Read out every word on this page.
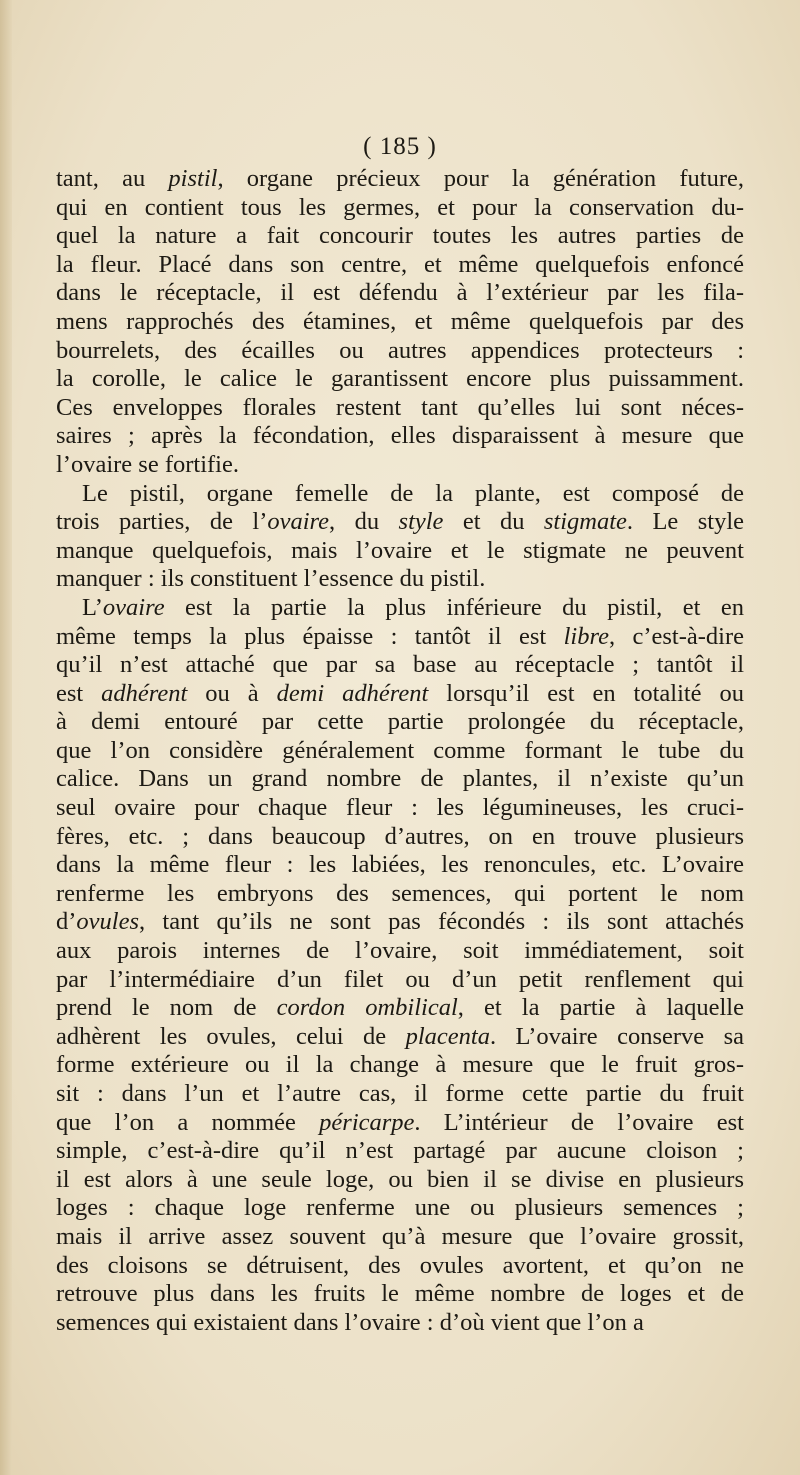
( 185 )
tant, au pistil, organe précieux pour la génération future,
qui en contient tous les germes, et pour la conservation du-
quel la nature a fait concourir toutes les autres parties de
la fleur. Placé dans son centre, et même quelquefois enfoncé
dans le réceptacle, il est défendu à l’extérieur par les fila-
mens rapprochés des étamines, et même quelquefois par des
bourrelets, des écailles ou autres appendices protecteurs :
la corolle, le calice le garantissent encore plus puissamment.
Ces enveloppes florales restent tant qu’elles lui sont néces-
saires ; après la fécondation, elles disparaissent à mesure que
l’ovaire se fortifie.
Le pistil, organe femelle de la plante, est composé de
trois parties, de l’ovaire, du style et du stigmate. Le style
manque quelquefois, mais l’ovaire et le stigmate ne peuvent
manquer : ils constituent l’essence du pistil.
L’ovaire est la partie la plus inférieure du pistil, et en
même temps la plus épaisse : tantôt il est libre, c’est-à-dire
qu’il n’est attaché que par sa base au réceptacle ; tantôt il
est adhérent ou à demi adhérent lorsqu’il est en totalité ou
à demi entouré par cette partie prolongée du réceptacle,
que l’on considère généralement comme formant le tube du
calice. Dans un grand nombre de plantes, il n’existe qu’un
seul ovaire pour chaque fleur : les légumineuses, les cruci-
fères, etc. ; dans beaucoup d’autres, on en trouve plusieurs
dans la même fleur : les labiées, les renoncules, etc. L’ovaire
renferme les embryons des semences, qui portent le nom
d’ovules, tant qu’ils ne sont pas fécondés : ils sont attachés
aux parois internes de l’ovaire, soit immédiatement, soit
par l’intermédiaire d’un filet ou d’un petit renflement qui
prend le nom de cordon ombilical, et la partie à laquelle
adhèrent les ovules, celui de placenta. L’ovaire conserve sa
forme extérieure ou il la change à mesure que le fruit gros-
sit : dans l’un et l’autre cas, il forme cette partie du fruit
que l’on a nommée péricarpe. L’intérieur de l’ovaire est
simple, c’est-à-dire qu’il n’est partagé par aucune cloison ;
il est alors à une seule loge, ou bien il se divise en plusieurs
loges : chaque loge renferme une ou plusieurs semences ;
mais il arrive assez souvent qu’à mesure que l’ovaire grossit,
des cloisons se détruisent, des ovules avortent, et qu’on ne
retrouve plus dans les fruits le même nombre de loges et de
semences qui existaient dans l’ovaire : d’où vient que l’on a
